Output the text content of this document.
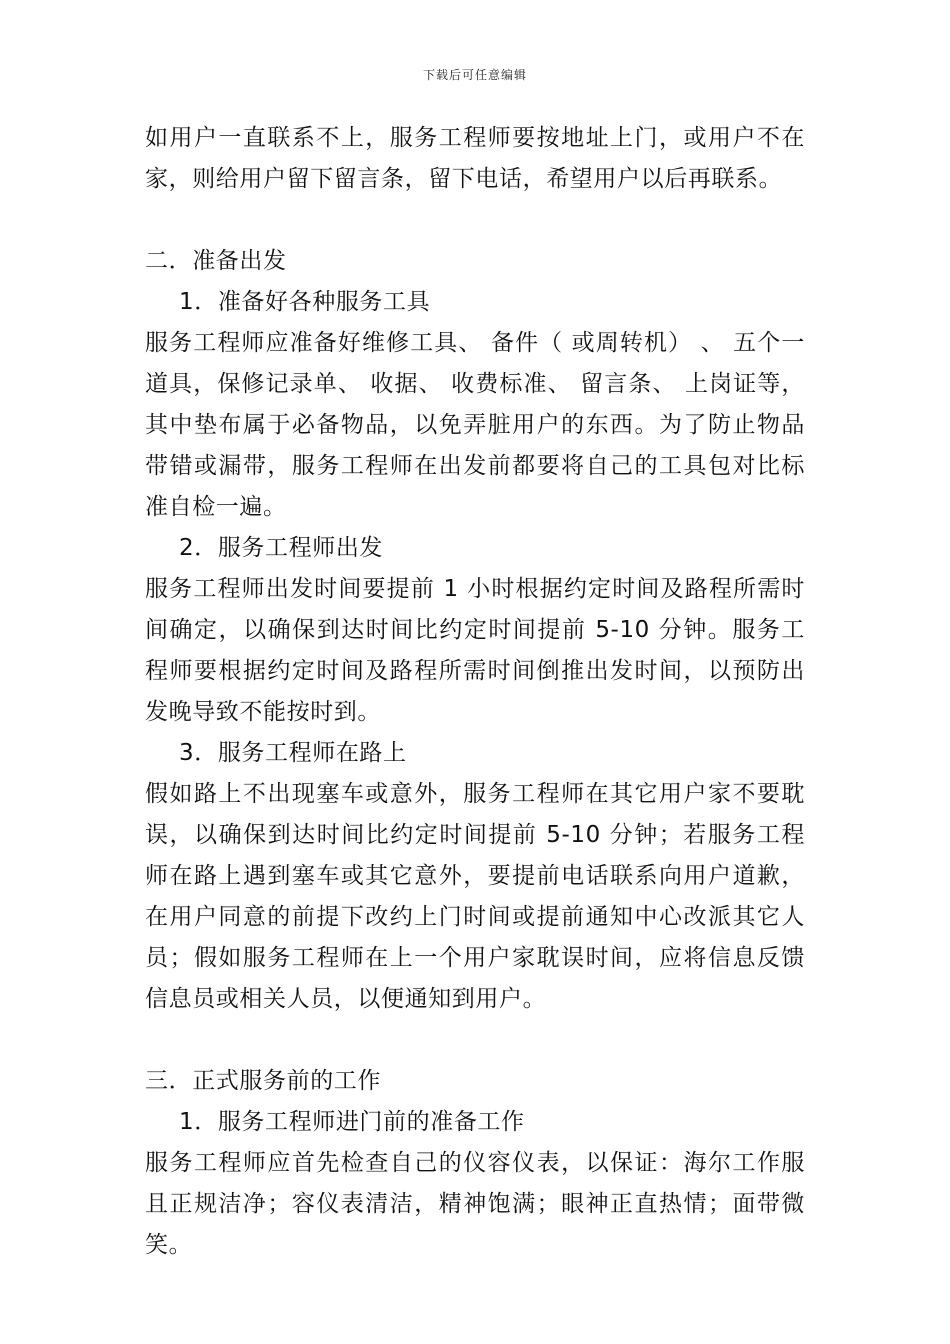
下载后可任意编辑

如用户一直联系不上，服务工程师要按地址上门，或用户不在家，则给用户留下留言条，留下电话，希望用户以后再联系。

二．准备出发

1．准备好各种服务工具

服务工程师应准备好维修工具、 备件（ 或周转机） 、 五个一道具，保修记录单、 收据、 收费标准、 留言条、 上岗证等，其中垫布属于必备物品，以免弄脏用户的东西。为了防止物品带错或漏带，服务工程师在出发前都要将自己的工具包对比标准自检一遍。

2．服务工程师出发

服务工程师出发时间要提前 1 小时根据约定时间及路程所需时间确定，以确保到达时间比约定时间提前 5-10 分钟。服务工程师要根据约定时间及路程所需时间倒推出发时间，以预防出发晚导致不能按时到。

3．服务工程师在路上

假如路上不出现塞车或意外，服务工程师在其它用户家不要耽误，以确保到达时间比约定时间提前 5-10 分钟；若服务工程师在路上遇到塞车或其它意外，要提前电话联系向用户道歉，在用户同意的前提下改约上门时间或提前通知中心改派其它人员；假如服务工程师在上一个用户家耽误时间，应将信息反馈信息员或相关人员，以便通知到用户。

三．正式服务前的工作

1．服务工程师进门前的准备工作

服务工程师应首先检查自己的仪容仪表，以保证：海尔工作服且正规洁净；容仪表清洁，精神饱满；眼神正直热情；面带微笑。
